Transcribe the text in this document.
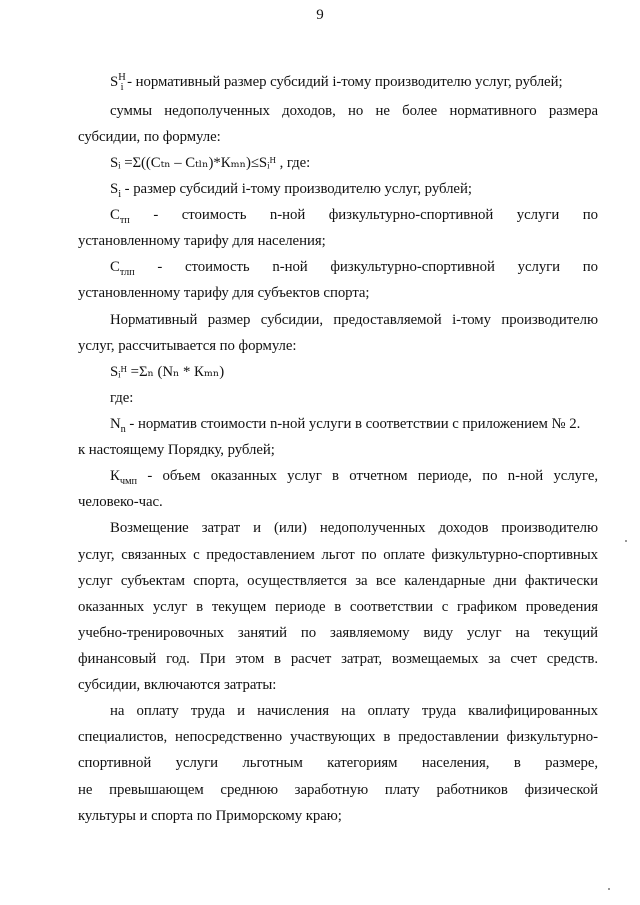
9
$S^H_i$ - нормативный размер субсидий i-тому производителю услуг, рублей;
суммы недополученных доходов, но не более нормативного размера
субсидии, по формуле:
Sᵢ =Σ((Сₜₙ – Сₜₗₙ)*Кₘₙ)≤Sᵢᴴ , где:
$S_i$ - размер субсидий i-тому производителю услуг, рублей;
$С_{тп}$ - стоимость n-ной физкультурно-спортивной услуги по
установленному тарифу для населения;
$С_{тлп}$ - стоимость n-ной физкультурно-спортивной услуги по
установленному тарифу для субъектов спорта;
Нормативный размер субсидии, предоставляемой i-тому производителю
услуг, рассчитывается по формуле:
Sᵢᴴ =Σₙ (Nₙ * Кₘₙ)
где:
$N_n$ - норматив стоимости n-ной услуги в соответствии с приложением № 2.
к настоящему Порядку, рублей;
$К_{чмп}$ - объем оказанных услуг в отчетном периоде, по n-ной услуге,
человеко-час.
Возмещение затрат и (или) недополученных доходов производителю
услуг, связанных с предоставлением льгот по оплате физкультурно-спортивных
услуг субъектам спорта, осуществляется за все календарные дни фактически
оказанных услуг в текущем периоде в соответствии с графиком проведения
учебно-тренировочных занятий по заявляемому виду услуг на текущий
финансовый год. При этом в расчет затрат, возмещаемых за счет средств.
субсидии, включаются затраты:
на оплату труда и начисления на оплату труда квалифицированных
специалистов, непосредственно участвующих в предоставлении физкультурно-
спортивной услуги льготным категориям населения, в размере,
не превышающем среднюю заработную плату работников физической
культуры и спорта по Приморскому краю;
